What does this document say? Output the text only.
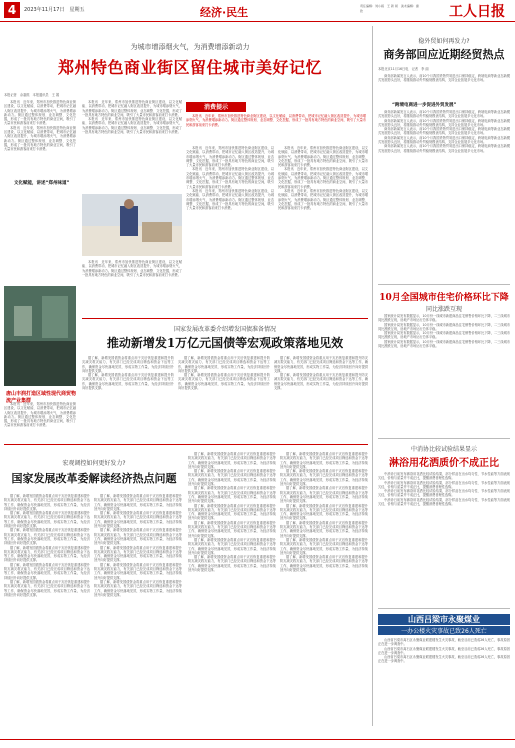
4	2023年11月17日　星期五	经济·民生	责任编辑：刘小娟　王 新 闻　美术编辑：谢 欣	工人日报
为城市增添烟火气，为消费增添新动力
郑州特色商业街区留住城市美好记忆
本报记者　余嘉熙　本报通讯员　王 娟

本报讯　近年来，郑州市加快推进特色商业街区建设，以文化赋能、以消费带动，把城市记忆融入街区改造提升，为城市增添烟火气，为消费增添新动力。街区通过整体规划、业态调整、文化挖掘，形成了一批具有地方特色的商业空间，吸引了大量市民和游客前来打卡消费。

本报讯　近年来，郑州市加快推进特色商业街区建设，以文化赋能、以消费带动，把城市记忆融入街区改造提升，为城市增添烟火气，为消费增添新动力。街区通过整体规划、业态调整、文化挖掘，形成了一批具有地方特色的商业空间，吸引了大量市民和游客前来打卡消费。

文化赋能，讲述“郑州味道”
唐山丰润打造区域性现代商贸物流产业集群

本报讯　近年来，郑州市加快推进特色商业街区建设，以文化赋能、以消费带动，把城市记忆融入街区改造提升，为城市增添烟火气，为消费增添新动力。街区通过整体规划、业态调整、文化挖掘，形成了一批具有地方特色的商业空间，吸引了大量市民和游客前来打卡消费。

本报讯　近年来，郑州市加快推进特色商业街区建设，以文化赋能、以消费带动，把城市记忆融入街区改造提升，为城市增添烟火气，为消费增添新动力。街区通过整体规划、业态调整、文化挖掘，形成了一批具有地方特色的商业空间，吸引了大量市民和游客前来打卡消费。

本报讯　近年来，郑州市加快推进特色商业街区建设，以文化赋能、以消费带动，把城市记忆融入街区改造提升，为城市增添烟火气，为消费增添新动力。街区通过整体规划、业态调整、文化挖掘，形成了一批具有地方特色的商业空间，吸引了大量市民和游客前来打卡消费。

消费提示

本报讯　近年来，郑州市加快推进特色商业街区建设，以文化赋能、以消费带动，把城市记忆融入街区改造提升，为城市增添烟火气，为消费增添新动力。街区通过整体规划、业态调整、文化挖掘，形成了一批具有地方特色的商业空间，吸引了大量市民和游客前来打卡消费。

本报讯　近年来，郑州市加快推进特色商业街区建设，以文化赋能、以消费带动，把城市记忆融入街区改造提升，为城市增添烟火气，为消费增添新动力。街区通过整体规划、业态调整、文化挖掘，形成了一批具有地方特色的商业空间，吸引了大量市民和游客前来打卡消费。

本报讯　近年来，郑州市加快推进特色商业街区建设，以文化赋能、以消费带动，把城市记忆融入街区改造提升，为城市增添烟火气，为消费增添新动力。街区通过整体规划、业态调整、文化挖掘，形成了一批具有地方特色的商业空间，吸引了大量市民和游客前来打卡消费。

本报讯　近年来，郑州市加快推进特色商业街区建设，以文化赋能、以消费带动，把城市记忆融入街区改造提升，为城市增添烟火气，为消费增添新动力。街区通过整体规划、业态调整、文化挖掘，形成了一批具有地方特色的商业空间，吸引了大量市民和游客前来打卡消费。

本报讯　近年来，郑州市加快推进特色商业街区建设，以文化赋能、以消费带动，把城市记忆融入街区改造提升，为城市增添烟火气，为消费增添新动力。街区通过整体规划、业态调整、文化挖掘，形成了一批具有地方特色的商业空间，吸引了大量市民和游客前来打卡消费。

本报讯　近年来，郑州市加快推进特色商业街区建设，以文化赋能、以消费带动，把城市记忆融入街区改造提升，为城市增添烟火气，为消费增添新动力。街区通过整体规划、业态调整、文化挖掘，形成了一批具有地方特色的商业空间，吸引了大量市民和游客前来打卡消费。

本报讯　近年来，郑州市加快推进特色商业街区建设，以文化赋能、以消费带动，把城市记忆融入街区改造提升，为城市增添烟火气，为消费增添新动力。街区通过整体规划、业态调整、文化挖掘，形成了一批具有地方特色的商业空间，吸引了大量市民和游客前来打卡消费。

本报讯　近年来，郑州市加快推进特色商业街区建设，以文化赋能、以消费带动，把城市记忆融入街区改造提升，为城市增添烟火气，为消费增添新动力。街区通过整体规划、业态调整、文化挖掘，形成了一批具有地方特色的商业空间，吸引了大量市民和游客前来打卡消费。

稳外贸如何再发力?
商务部回应近期经贸热点
本报北京11月16日电　记者　李 丽

商务部新闻发言人表示，前10个月我国货物贸易进出口保持稳定，跨境电商等新业态新模式发展势头良好，将继续推动外贸稳规模优结构，支持企业拓展多元化市场。

“跨境电商进一步促进外贸发展”

商务部新闻发言人表示，前10个月我国货物贸易进出口保持稳定，跨境电商等新业态新模式发展势头良好，将继续推动外贸稳规模优结构，支持企业拓展多元化市场。

商务部新闻发言人表示，前10个月我国货物贸易进出口保持稳定，跨境电商等新业态新模式发展势头良好，将继续推动外贸稳规模优结构，支持企业拓展多元化市场。

商务部新闻发言人表示，前10个月我国货物贸易进出口保持稳定，跨境电商等新业态新模式发展势头良好，将继续推动外贸稳规模优结构，支持企业拓展多元化市场。

商务部新闻发言人表示，前10个月我国货物贸易进出口保持稳定，跨境电商等新业态新模式发展势头良好，将继续推动外贸稳规模优结构，支持企业拓展多元化市场。

商务部新闻发言人表示，前10个月我国货物贸易进出口保持稳定，跨境电商等新业态新模式发展势头良好，将继续推动外贸稳规模优结构，支持企业拓展多元化市场。

10月全国城市住宅价格环比下降
同比涨跌互现

国家统计局发布数据显示，10月份一线城市新建商品住宅销售价格环比下降，二三线城市同比涨跌互现，房地产市场运行总体平稳。

国家统计局发布数据显示，10月份一线城市新建商品住宅销售价格环比下降，二三线城市同比涨跌互现，房地产市场运行总体平稳。

国家统计局发布数据显示，10月份一线城市新建商品住宅销售价格环比下降，二三线城市同比涨跌互现，房地产市场运行总体平稳。

国家统计局发布数据显示，10月份一线城市新建商品住宅销售价格环比下降，二三线城市同比涨跌互现，房地产市场运行总体平稳。

中消协比较试验结果显示
淋浴用花洒质价不成正比

中消协日前发布淋浴用花洒比较试验结果，部分样品在出水均匀性、节水性能等方面表现欠佳，价格与质量并不成正比，提醒消费者理性选购。

中消协日前发布淋浴用花洒比较试验结果，部分样品在出水均匀性、节水性能等方面表现欠佳，价格与质量并不成正比，提醒消费者理性选购。

中消协日前发布淋浴用花洒比较试验结果，部分样品在出水均匀性、节水性能等方面表现欠佳，价格与质量并不成正比，提醒消费者理性选购。

中消协日前发布淋浴用花洒比较试验结果，部分样品在出水均匀性、节水性能等方面表现欠佳，价格与质量并不成正比，提醒消费者理性选购。

山西吕梁市永聚煤业
一办公楼火灾事故已致26人死亡

山西省吕梁市离石区永聚煤业联建楼发生火灾事故，截至目前已造成26人死亡，事故原因正在进一步调查中。

山西省吕梁市离石区永聚煤业联建楼发生火灾事故，截至目前已造成26人死亡，事故原因正在进一步调查中。

山西省吕梁市离石区永聚煤业联建楼发生火灾事故，截至目前已造成26人死亡，事故原因正在进一步调查中。

国家发展改革委介绍增发国债准备情况
推动新增发1万亿元国债等宏观政策落地见效

据了解，新增发国债资金将重点用于灾后恢复重建和提升防灾减灾救灾能力，有关部门已经完成项目筛选和资金下达等工作，确保资金尽快落地见效，形成实物工作量，为经济持续回升向好提供支撑。

据了解，新增发国债资金将重点用于灾后恢复重建和提升防灾减灾救灾能力，有关部门已经完成项目筛选和资金下达等工作，确保资金尽快落地见效，形成实物工作量，为经济持续回升向好提供支撑。

据了解，新增发国债资金将重点用于灾后恢复重建和提升防灾减灾救灾能力，有关部门已经完成项目筛选和资金下达等工作，确保资金尽快落地见效，形成实物工作量，为经济持续回升向好提供支撑。

据了解，新增发国债资金将重点用于灾后恢复重建和提升防灾减灾救灾能力，有关部门已经完成项目筛选和资金下达等工作，确保资金尽快落地见效，形成实物工作量，为经济持续回升向好提供支撑。

据了解，新增发国债资金将重点用于灾后恢复重建和提升防灾减灾救灾能力，有关部门已经完成项目筛选和资金下达等工作，确保资金尽快落地见效，形成实物工作量，为经济持续回升向好提供支撑。

据了解，新增发国债资金将重点用于灾后恢复重建和提升防灾减灾救灾能力，有关部门已经完成项目筛选和资金下达等工作，确保资金尽快落地见效，形成实物工作量，为经济持续回升向好提供支撑。

宏观调控如何更好发力?
国家发展改革委解读经济热点问题

据了解，新增发国债资金将重点用于灾后恢复重建和提升防灾减灾救灾能力，有关部门已经完成项目筛选和资金下达等工作，确保资金尽快落地见效，形成实物工作量，为经济持续回升向好提供支撑。

据了解，新增发国债资金将重点用于灾后恢复重建和提升防灾减灾救灾能力，有关部门已经完成项目筛选和资金下达等工作，确保资金尽快落地见效，形成实物工作量，为经济持续回升向好提供支撑。

据了解，新增发国债资金将重点用于灾后恢复重建和提升防灾减灾救灾能力，有关部门已经完成项目筛选和资金下达等工作，确保资金尽快落地见效，形成实物工作量，为经济持续回升向好提供支撑。

据了解，新增发国债资金将重点用于灾后恢复重建和提升防灾减灾救灾能力，有关部门已经完成项目筛选和资金下达等工作，确保资金尽快落地见效，形成实物工作量，为经济持续回升向好提供支撑。

据了解，新增发国债资金将重点用于灾后恢复重建和提升防灾减灾救灾能力，有关部门已经完成项目筛选和资金下达等工作，确保资金尽快落地见效，形成实物工作量，为经济持续回升向好提供支撑。

据了解，新增发国债资金将重点用于灾后恢复重建和提升防灾减灾救灾能力，有关部门已经完成项目筛选和资金下达等工作，确保资金尽快落地见效，形成实物工作量，为经济持续回升向好提供支撑。

据了解，新增发国债资金将重点用于灾后恢复重建和提升防灾减灾救灾能力，有关部门已经完成项目筛选和资金下达等工作，确保资金尽快落地见效，形成实物工作量，为经济持续回升向好提供支撑。

据了解，新增发国债资金将重点用于灾后恢复重建和提升防灾减灾救灾能力，有关部门已经完成项目筛选和资金下达等工作，确保资金尽快落地见效，形成实物工作量，为经济持续回升向好提供支撑。

据了解，新增发国债资金将重点用于灾后恢复重建和提升防灾减灾救灾能力，有关部门已经完成项目筛选和资金下达等工作，确保资金尽快落地见效，形成实物工作量，为经济持续回升向好提供支撑。

据了解，新增发国债资金将重点用于灾后恢复重建和提升防灾减灾救灾能力，有关部门已经完成项目筛选和资金下达等工作，确保资金尽快落地见效，形成实物工作量，为经济持续回升向好提供支撑。

据了解，新增发国债资金将重点用于灾后恢复重建和提升防灾减灾救灾能力，有关部门已经完成项目筛选和资金下达等工作，确保资金尽快落地见效，形成实物工作量，为经济持续回升向好提供支撑。

据了解，新增发国债资金将重点用于灾后恢复重建和提升防灾减灾救灾能力，有关部门已经完成项目筛选和资金下达等工作，确保资金尽快落地见效，形成实物工作量，为经济持续回升向好提供支撑。

据了解，新增发国债资金将重点用于灾后恢复重建和提升防灾减灾救灾能力，有关部门已经完成项目筛选和资金下达等工作，确保资金尽快落地见效，形成实物工作量，为经济持续回升向好提供支撑。

据了解，新增发国债资金将重点用于灾后恢复重建和提升防灾减灾救灾能力，有关部门已经完成项目筛选和资金下达等工作，确保资金尽快落地见效，形成实物工作量，为经济持续回升向好提供支撑。

据了解，新增发国债资金将重点用于灾后恢复重建和提升防灾减灾救灾能力，有关部门已经完成项目筛选和资金下达等工作，确保资金尽快落地见效，形成实物工作量，为经济持续回升向好提供支撑。

据了解，新增发国债资金将重点用于灾后恢复重建和提升防灾减灾救灾能力，有关部门已经完成项目筛选和资金下达等工作，确保资金尽快落地见效，形成实物工作量，为经济持续回升向好提供支撑。

据了解，新增发国债资金将重点用于灾后恢复重建和提升防灾减灾救灾能力，有关部门已经完成项目筛选和资金下达等工作，确保资金尽快落地见效，形成实物工作量，为经济持续回升向好提供支撑。

据了解，新增发国债资金将重点用于灾后恢复重建和提升防灾减灾救灾能力，有关部门已经完成项目筛选和资金下达等工作，确保资金尽快落地见效，形成实物工作量，为经济持续回升向好提供支撑。

据了解，新增发国债资金将重点用于灾后恢复重建和提升防灾减灾救灾能力，有关部门已经完成项目筛选和资金下达等工作，确保资金尽快落地见效，形成实物工作量，为经济持续回升向好提供支撑。

据了解，新增发国债资金将重点用于灾后恢复重建和提升防灾减灾救灾能力，有关部门已经完成项目筛选和资金下达等工作，确保资金尽快落地见效，形成实物工作量，为经济持续回升向好提供支撑。

据了解，新增发国债资金将重点用于灾后恢复重建和提升防灾减灾救灾能力，有关部门已经完成项目筛选和资金下达等工作，确保资金尽快落地见效，形成实物工作量，为经济持续回升向好提供支撑。

据了解，新增发国债资金将重点用于灾后恢复重建和提升防灾减灾救灾能力，有关部门已经完成项目筛选和资金下达等工作，确保资金尽快落地见效，形成实物工作量，为经济持续回升向好提供支撑。

据了解，新增发国债资金将重点用于灾后恢复重建和提升防灾减灾救灾能力，有关部门已经完成项目筛选和资金下达等工作，确保资金尽快落地见效，形成实物工作量，为经济持续回升向好提供支撑。

据了解，新增发国债资金将重点用于灾后恢复重建和提升防灾减灾救灾能力，有关部门已经完成项目筛选和资金下达等工作，确保资金尽快落地见效，形成实物工作量，为经济持续回升向好提供支撑。

据了解，新增发国债资金将重点用于灾后恢复重建和提升防灾减灾救灾能力，有关部门已经完成项目筛选和资金下达等工作，确保资金尽快落地见效，形成实物工作量，为经济持续回升向好提供支撑。

据了解，新增发国债资金将重点用于灾后恢复重建和提升防灾减灾救灾能力，有关部门已经完成项目筛选和资金下达等工作，确保资金尽快落地见效，形成实物工作量，为经济持续回升向好提供支撑。
